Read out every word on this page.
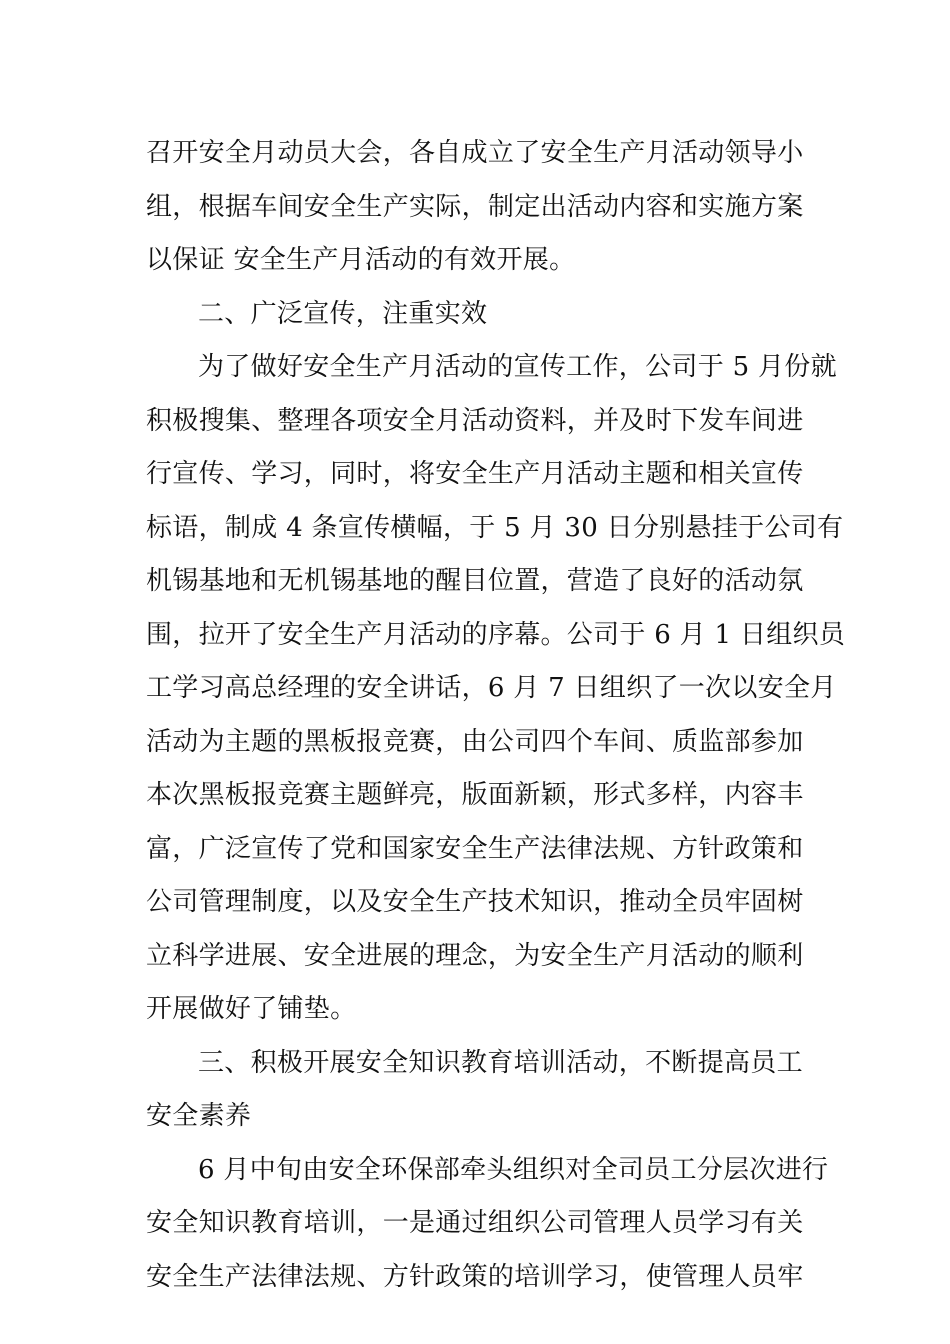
召开安全月动员大会，各自成立了安全生产月活动领导小
组，根据车间安全生产实际，制定出活动内容和实施方案
以保证 安全生产月活动的有效开展。
二、广泛宣传，注重实效
为了做好安全生产月活动的宣传工作，公司于 5 月份就
积极搜集、整理各项安全月活动资料，并及时下发车间进
行宣传、学习，同时，将安全生产月活动主题和相关宣传
标语，制成 4 条宣传横幅，于 5 月 30 日分别悬挂于公司有
机锡基地和无机锡基地的醒目位置，营造了良好的活动氛
围，拉开了安全生产月活动的序幕。公司于 6 月 1 日组织员
工学习高总经理的安全讲话，6 月 7 日组织了一次以安全月
活动为主题的黑板报竞赛，由公司四个车间、质监部参加
本次黑板报竞赛主题鲜亮，版面新颖，形式多样，内容丰
富，广泛宣传了党和国家安全生产法律法规、方针政策和
公司管理制度，以及安全生产技术知识，推动全员牢固树
立科学进展、安全进展的理念，为安全生产月活动的顺利
开展做好了铺垫。
三、积极开展安全知识教育培训活动，不断提高员工
安全素养
6 月中旬由安全环保部牵头组织对全司员工分层次进行
安全知识教育培训，一是通过组织公司管理人员学习有关
安全生产法律法规、方针政策的培训学习，使管理人员牢
